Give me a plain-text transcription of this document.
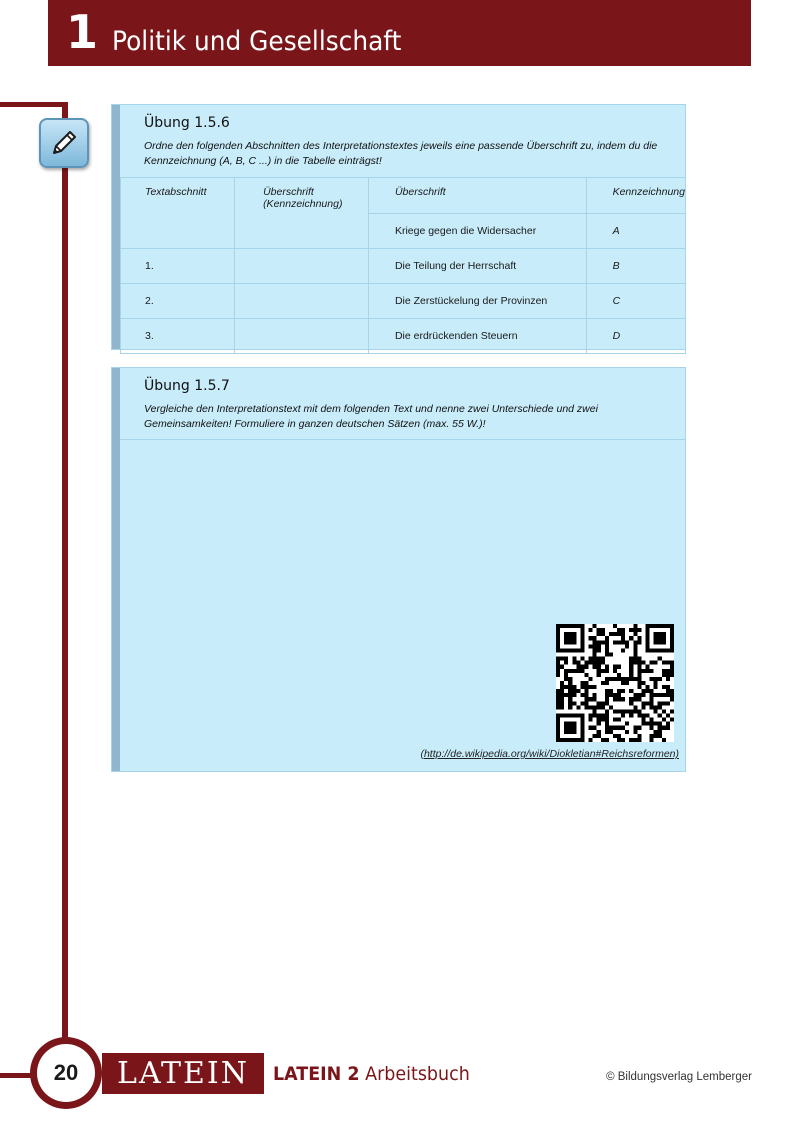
1 Politik und Gesellschaft
Übung 1.5.6
Ordne den folgenden Abschnitten des Interpretationstextes jeweils eine passende Überschrift zu, indem du die Kennzeichnung (A, B, C ...) in die Tabelle einträgst!
Textabschnitt	Überschrift (Kennzeichnung)	Überschrift	Kennzeichnung
		Kriege gegen die Widersacher	A
1.		Die Teilung der Herrschaft	B
2.		Die Zerstückelung der Provinzen	C
3.		Die erdrückenden Steuern	D
Übung 1.5.7
Vergleiche den Interpretationstext mit dem folgenden Text und nenne zwei Unterschiede und zwei Gemeinsamkeiten! Formuliere in ganzen deutschen Sätzen (max. 55 W.)!
(http://de.wikipedia.org/wiki/Diokletian#Reichsreformen)
20	LATEIN	LATEIN 2 Arbeitsbuch	© Bildungsverlag Lemberger
